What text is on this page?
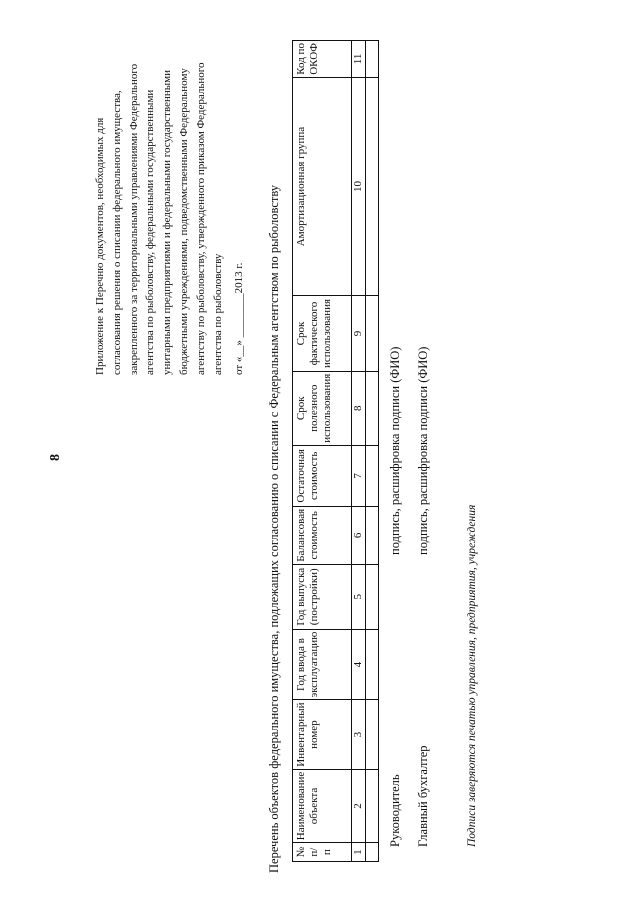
8
Приложение к Перечню документов, необходимых для согласования решения о списании федерального имущества, закрепленного за территориальными управлениями Федерального агентства по рыболовству, федеральными государственными унитарными предприятиями и федеральными государственными бюджетными учреждениями, подведомственными Федеральному агентству по рыболовству, утвержденного приказом Федерального агентства по рыболовству от «__» ________2013 г. Перечень объектов федерального имущества, подлежащих согласованию о списании с Федеральным агентством по рыболовству № п/п	Наименование объекта	Инвентарный номер	Год ввода в эксплуатацию	Год выпуска (постройки)	Балансовая стоимость	Остаточная стоимость	Срок полезного использования	Срок фактического использования	Амортизационная группа	Код по ОКОФ
1	2	3	4	5	6	7	8	9	10	11

Руководитель
подпись, расшифровка подписи (ФИО)
Главный бухгалтер
подпись, расшифровка подписи (ФИО)
Подписи заверяются печатью управления, предприятия, учреждения
